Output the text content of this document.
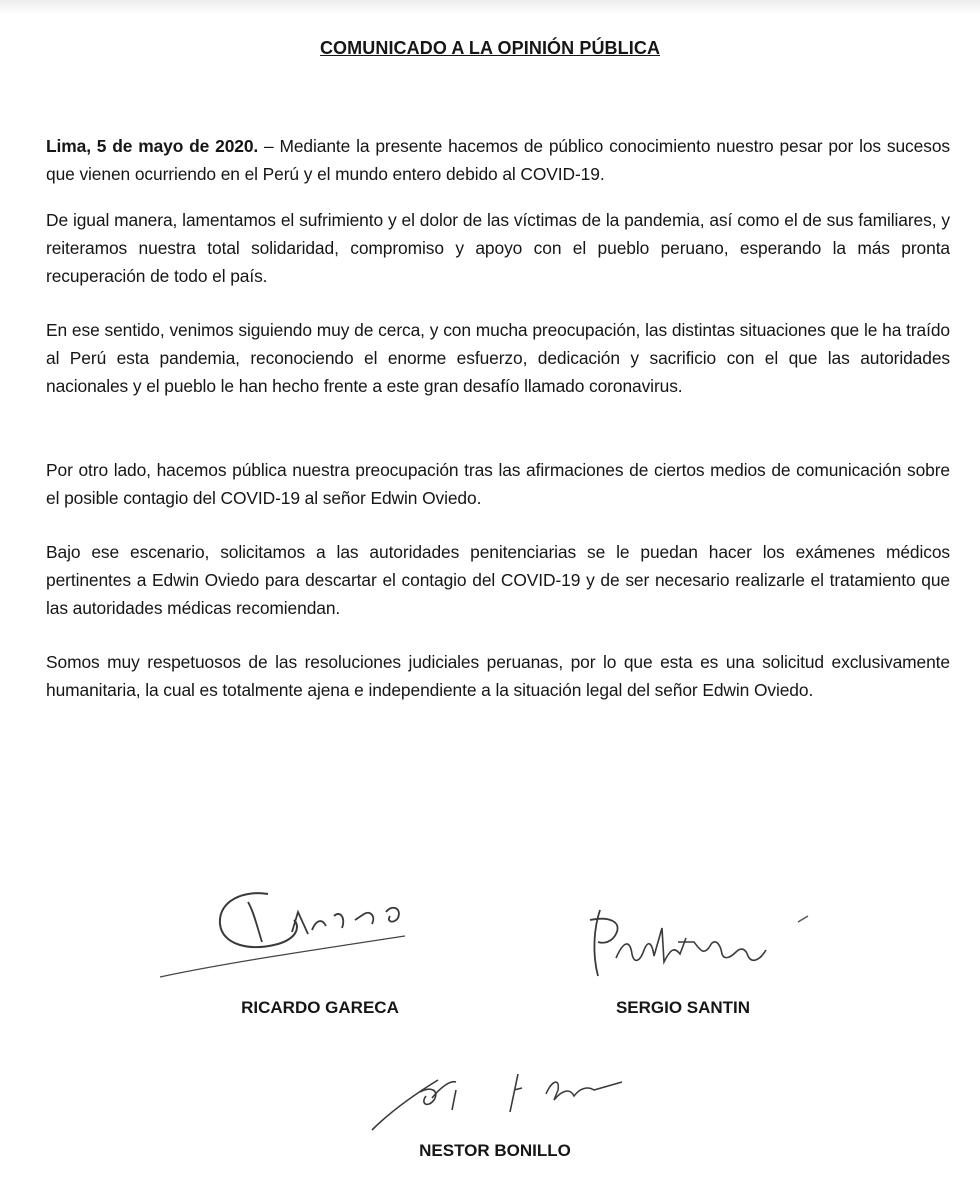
COMUNICADO A LA OPINIÓN PÚBLICA

Lima, 5 de mayo de 2020. – Mediante la presente hacemos de público conocimiento nuestro pesar por los sucesos que vienen ocurriendo en el Perú y el mundo entero debido al COVID-19.

De igual manera, lamentamos el sufrimiento y el dolor de las víctimas de la pandemia, así como el de sus familiares, y reiteramos nuestra total solidaridad, compromiso y apoyo con el pueblo peruano, esperando la más pronta recuperación de todo el país.

En ese sentido, venimos siguiendo muy de cerca, y con mucha preocupación, las distintas situaciones que le ha traído al Perú esta pandemia, reconociendo el enorme esfuerzo, dedicación y sacrificio con el que las autoridades nacionales y el pueblo le han hecho frente a este gran desafío llamado coronavirus.

Por otro lado, hacemos pública nuestra preocupación tras las afirmaciones de ciertos medios de comunicación sobre el posible contagio del COVID-19 al señor Edwin Oviedo.

Bajo ese escenario, solicitamos a las autoridades penitenciarias se le puedan hacer los exámenes médicos pertinentes a Edwin Oviedo para descartar el contagio del COVID-19 y de ser necesario realizarle el tratamiento que las autoridades médicas recomiendan.

Somos muy respetuosos de las resoluciones judiciales peruanas, por lo que esta es una solicitud exclusivamente humanitaria, la cual es totalmente ajena e independiente a la situación legal del señor Edwin Oviedo.

RICARDO GARECA	SERGIO SANTIN
NESTOR BONILLO
